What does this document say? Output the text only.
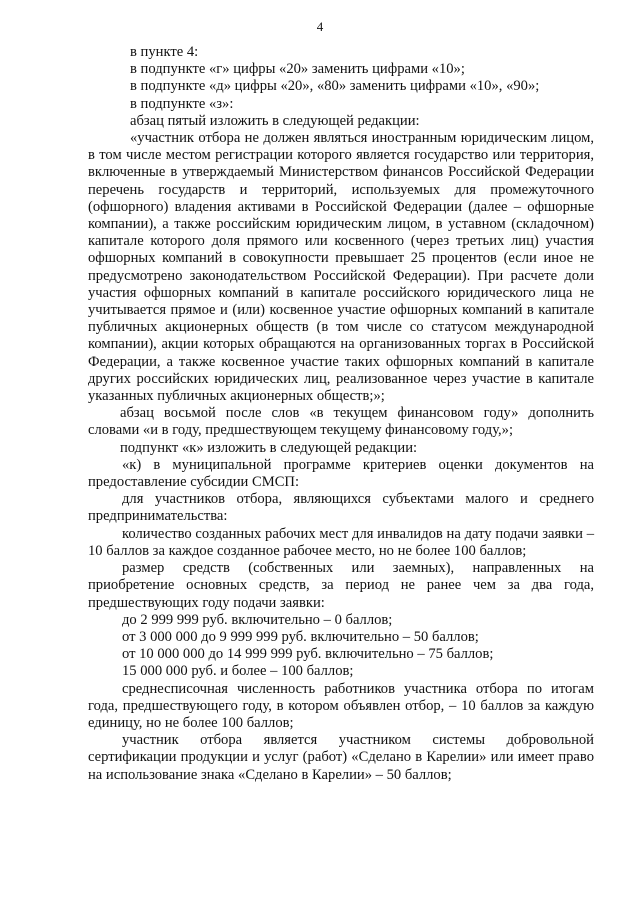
4

в пункте 4:

в подпункте «г» цифры «20» заменить цифрами «10»;

в подпункте «д» цифры «20», «80» заменить цифрами «10», «90»;

в подпункте «з»:

абзац пятый изложить в следующей редакции:

«участник отбора не должен являться иностранным юридическим лицом, в том числе местом регистрации которого является государство или территория, включенные в утверждаемый Министерством финансов Российской Федерации перечень государств и территорий, используемых для промежуточного (офшорного) владения активами в Российской Федерации (далее – офшорные компании), а также российским юридическим лицом, в уставном (складочном) капитале которого доля прямого или косвенного (через третьих лиц) участия офшорных компаний в совокупности превышает 25 процентов (если иное не предусмотрено законодательством Российской Федерации). При расчете доли участия офшорных компаний в капитале российского юридического лица не учитывается прямое и (или) косвенное участие офшорных компаний в капитале публичных акционерных обществ (в том числе со статусом международной компании), акции которых обращаются на организованных торгах в Российской Федерации, а также косвенное участие таких офшорных компаний в капитале других российских юридических лиц, реализованное через участие в капитале указанных публичных акционерных обществ;»;

абзац восьмой после слов «в текущем финансовом году» дополнить словами «и в году, предшествующем текущему финансовому году,»;

подпункт «к» изложить в следующей редакции:

«к) в муниципальной программе критериев оценки документов на предоставление субсидии СМСП:

для участников отбора, являющихся субъектами малого и среднего предпринимательства:

количество созданных рабочих мест для инвалидов на дату подачи заявки – 10 баллов за каждое созданное рабочее место, но не более 100 баллов;

размер средств (собственных или заемных), направленных на приобретение основных средств, за период не ранее чем за два года, предшествующих году подачи заявки:

до 2 999 999 руб. включительно – 0 баллов;

от 3 000 000 до 9 999 999 руб. включительно – 50 баллов;

от 10 000 000 до 14 999 999 руб. включительно – 75 баллов;

15 000 000 руб. и более – 100 баллов;

среднесписочная численность работников участника отбора по итогам года, предшествующего году, в котором объявлен отбор, – 10 баллов за каждую единицу, но не более 100 баллов;

участник отбора является участником системы добровольной сертификации продукции и услуг (работ) «Сделано в Карелии» или имеет право на использование знака «Сделано в Карелии» – 50 баллов;
